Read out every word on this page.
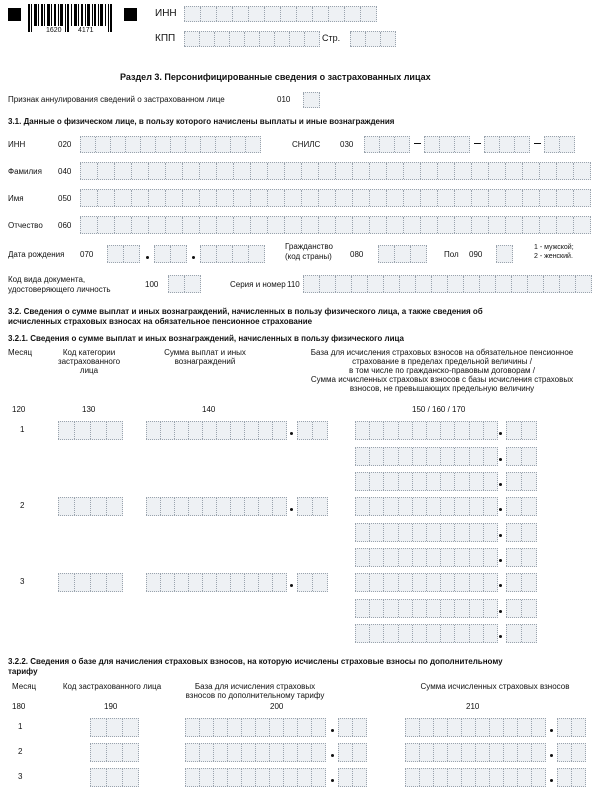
1620 4171
ИНН
КПП	Стр.
Раздел 3. Персонифицированные сведения о застрахованных лицах
Признак аннулирования сведений о застрахованном лице	010
3.1. Данные о физическом лице, в пользу которого начислены выплаты и иные вознаграждения
ИНН	020	СНИЛС 030
Фамилия 040
Имя	050
Отчество 060
Дата рождения 070
Гражданство
(код страны) 080	Пол 090
1 - мужской;
2 - женский.
Код вида документа,
удостоверяющего личность
100	Серия и номер 110
3.2. Сведения о сумме выплат и иных вознаграждений, начисленных в пользу физического лица, а также сведения об
исчисленных страховых взносах на обязательное пенсионное страхование
3.2.1. Сведения о сумме выплат и иных вознаграждений, начисленных в пользу физического лица
Месяц	Код категории застрахованного лица
Сумма выплат и иных вознаграждений
База для исчисления страховых взносов на обязательное пенсионное
страхование в пределах предельной величины /
в том числе по гражданско-правовым договорам /
Сумма исчисленных страховых взносов с базы исчисления страховых
взносов, не превышающих предельную величину
120	130	140	150 / 160 / 170
1
2
3
3.2.2. Сведения о базе для начисления страховых взносов, на которую исчислены страховые взносы по дополнительному
тарифу
Месяц	Код застрахованного лица	База для исчисления страховых взносов по дополнительному тарифу
Сумма исчисленных страховых взносов
180	190	200	210
1
2
3
